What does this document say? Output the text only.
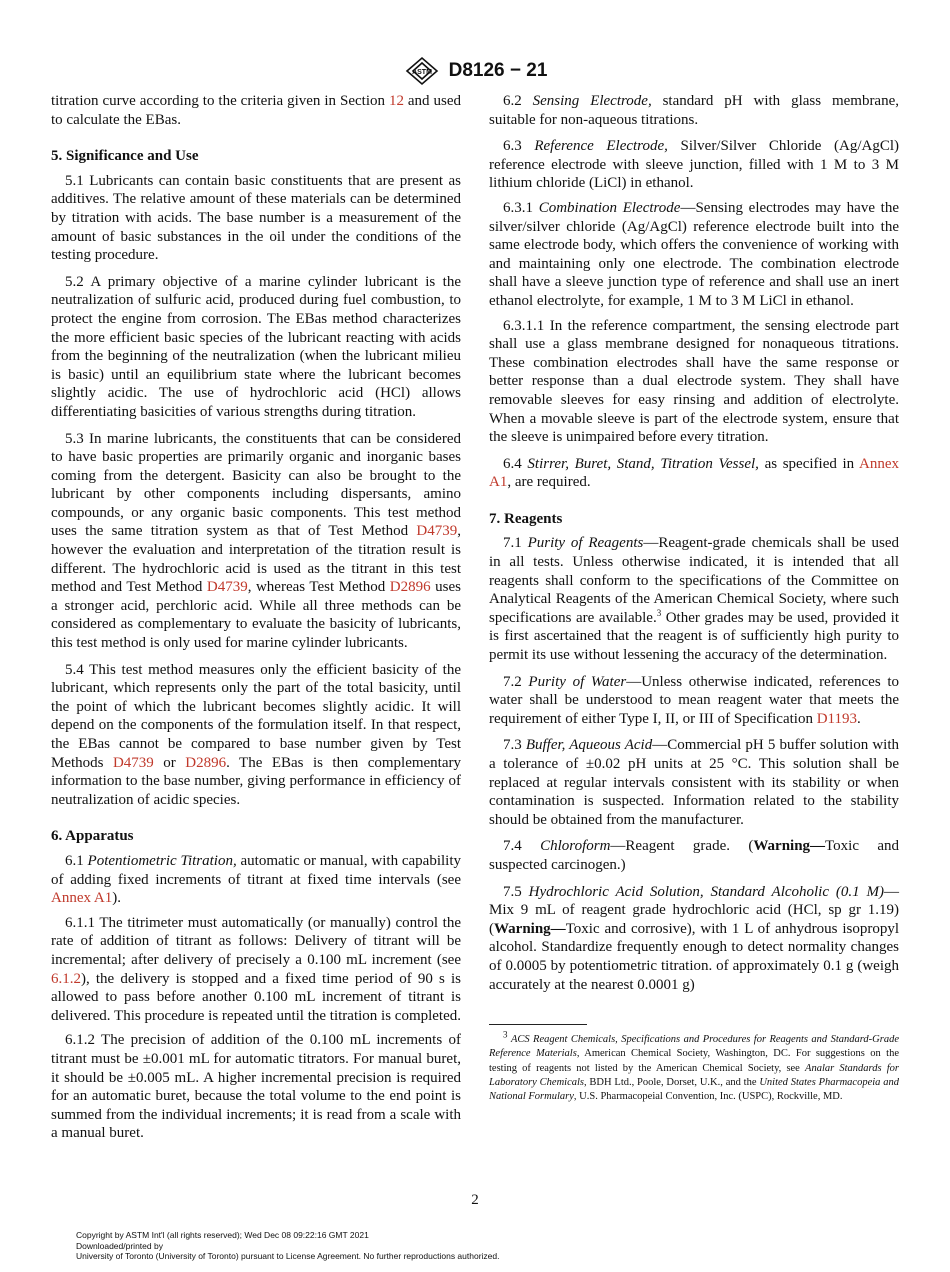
ASTM D8126 − 21

titration curve according to the criteria given in Section 12 and used to calculate the EBas.

5. Significance and Use

5.1 Lubricants can contain basic constituents that are present as additives. The relative amount of these materials can be determined by titration with acids. The base number is a measurement of the amount of basic substances in the oil under the conditions of the testing procedure.

5.2 A primary objective of a marine cylinder lubricant is the neutralization of sulfuric acid, produced during fuel combustion, to protect the engine from corrosion. The EBas method characterizes the more efficient basic species of the lubricant reacting with acids from the beginning of the neutralization (when the lubricant milieu is basic) until an equilibrium state where the lubricant becomes slightly acidic. The use of hydrochloric acid (HCl) allows differentiating basicities of various strengths during titration.

5.3 In marine lubricants, the constituents that can be considered to have basic properties are primarily organic and inorganic bases coming from the detergent. Basicity can also be brought to the lubricant by other components including dispersants, amino compounds, or any organic basic components. This test method uses the same titration system as that of Test Method D4739, however the evaluation and interpretation of the titration result is different. The hydrochloric acid is used as the titrant in this test method and Test Method D4739, whereas Test Method D2896 uses a stronger acid, perchloric acid. While all three methods can be considered as complementary to evaluate the basicity of lubricants, this test method is only used for marine cylinder lubricants.

5.4 This test method measures only the efficient basicity of the lubricant, which represents only the part of the total basicity, until the point of which the lubricant becomes slightly acidic. It will depend on the components of the formulation itself. In that respect, the EBas cannot be compared to base number given by Test Methods D4739 or D2896. The EBas is then complementary information to the base number, giving performance in efficiency of neutralization of acidic species.

6. Apparatus

6.1 Potentiometric Titration, automatic or manual, with capability of adding fixed increments of titrant at fixed time intervals (see Annex A1).

6.1.1 The titrimeter must automatically (or manually) control the rate of addition of titrant as follows: Delivery of titrant will be incremental; after delivery of precisely a 0.100 mL increment (see 6.1.2), the delivery is stopped and a fixed time period of 90 s is allowed to pass before another 0.100 mL increment of titrant is delivered. This procedure is repeated until the titration is completed.

6.1.2 The precision of addition of the 0.100 mL increments of titrant must be ±0.001 mL for automatic titrators. For manual buret, it should be ±0.005 mL. A higher incremental precision is required for an automatic buret, because the total volume to the end point is summed from the individual increments; it is read from a scale with a manual buret.

6.2 Sensing Electrode, standard pH with glass membrane, suitable for non-aqueous titrations.

6.3 Reference Electrode, Silver/Silver Chloride (Ag/AgCl) reference electrode with sleeve junction, filled with 1 M to 3 M lithium chloride (LiCl) in ethanol.

6.3.1 Combination Electrode—Sensing electrodes may have the silver/silver chloride (Ag/AgCl) reference electrode built into the same electrode body, which offers the convenience of working with and maintaining only one electrode. The combination electrode shall have a sleeve junction type of reference and shall use an inert ethanol electrolyte, for example, 1 M to 3 M LiCl in ethanol.

6.3.1.1 In the reference compartment, the sensing electrode part shall use a glass membrane designed for nonaqueous titrations. These combination electrodes shall have the same response or better response than a dual electrode system. They shall have removable sleeves for easy rinsing and addition of electrolyte. When a movable sleeve is part of the electrode system, ensure that the sleeve is unimpaired before every titration.

6.4 Stirrer, Buret, Stand, Titration Vessel, as specified in Annex A1, are required.

7. Reagents

7.1 Purity of Reagents—Reagent-grade chemicals shall be used in all tests. Unless otherwise indicated, it is intended that all reagents shall conform to the specifications of the Committee on Analytical Reagents of the American Chemical Society, where such specifications are available.$^3$ Other grades may be used, provided it is first ascertained that the reagent is of sufficiently high purity to permit its use without lessening the accuracy of the determination.

7.2 Purity of Water—Unless otherwise indicated, references to water shall be understood to mean reagent water that meets the requirement of either Type I, II, or III of Specification D1193.

7.3 Buffer, Aqueous Acid—Commercial pH 5 buffer solution with a tolerance of ±0.02 pH units at 25 °C. This solution shall be replaced at regular intervals consistent with its stability or when contamination is suspected. Information related to the stability should be obtained from the manufacturer.

7.4 Chloroform—Reagent grade. (Warning—Toxic and suspected carcinogen.)

7.5 Hydrochloric Acid Solution, Standard Alcoholic (0.1 M)—Mix 9 mL of reagent grade hydrochloric acid (HCl, sp gr 1.19) (Warning—Toxic and corrosive), with 1 L of anhydrous isopropyl alcohol. Standardize frequently enough to detect normality changes of 0.0005 by potentiometric titration. of approximately 0.1 g (weigh accurately at the nearest 0.0001 g)

$^3$ ACS Reagent Chemicals, Specifications and Procedures for Reagents and Standard-Grade Reference Materials, American Chemical Society, Washington, DC. For suggestions on the testing of reagents not listed by the American Chemical Society, see Analar Standards for Laboratory Chemicals, BDH Ltd., Poole, Dorset, U.K., and the United States Pharmacopeia and National Formulary, U.S. Pharmacopeial Convention, Inc. (USPC), Rockville, MD.

2
Copyright by ASTM Int'l (all rights reserved); Wed Dec 08 09:22:16 GMT 2021
Downloaded/printed by
University of Toronto (University of Toronto) pursuant to License Agreement. No further reproductions authorized.
